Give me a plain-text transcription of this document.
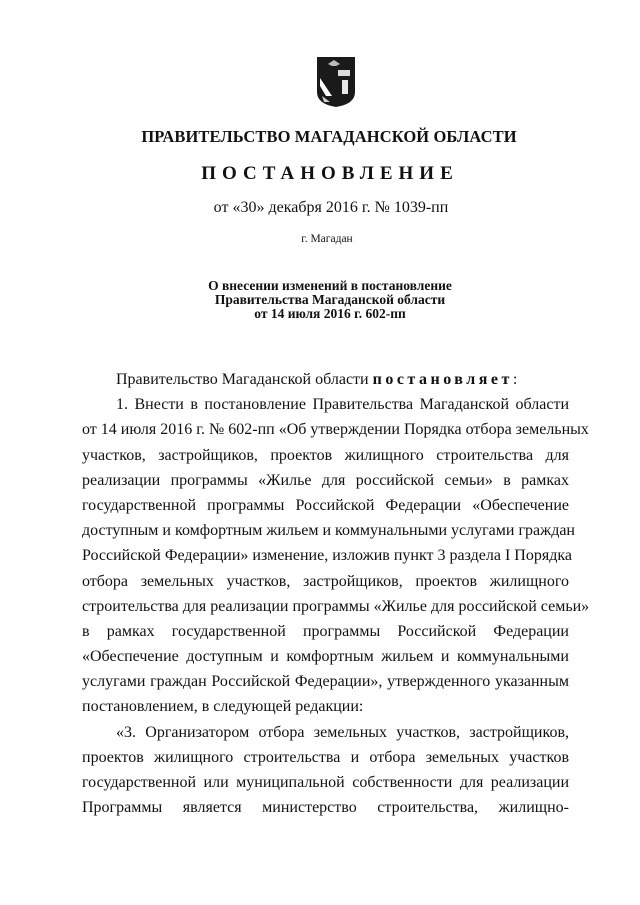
ПРАВИТЕЛЬСТВО МАГАДАНСКОЙ ОБЛАСТИ
ПОСТАНОВЛЕНИЕ
от «30» декабря 2016 г. № 1039-пп
г. Магадан
О внесении изменений в постановление
Правительства Магаданской области
от 14 июля 2016 г. 602-пп
Правительство Магаданской области постановляет:
1. Внести в постановление Правительства Магаданской области
от 14 июля 2016 г. № 602-пп «Об утверждении Порядка отбора земельных
участков, застройщиков, проектов жилищного строительства для
реализации программы «Жилье для российской семьи» в рамках
государственной программы Российской Федерации «Обеспечение
доступным и комфортным жильем и коммунальными услугами граждан
Российской Федерации» изменение, изложив пункт 3 раздела I Порядка
отбора земельных участков, застройщиков, проектов жилищного
строительства для реализации программы «Жилье для российской семьи»
в рамках государственной программы Российской Федерации
«Обеспечение доступным и комфортным жильем и коммунальными
услугами граждан Российской Федерации», утвержденного указанным
постановлением, в следующей редакции:
«3. Организатором отбора земельных участков, застройщиков,
проектов жилищного строительства и отбора земельных участков
государственной или муниципальной собственности для реализации
Программы является министерство строительства, жилищно-
